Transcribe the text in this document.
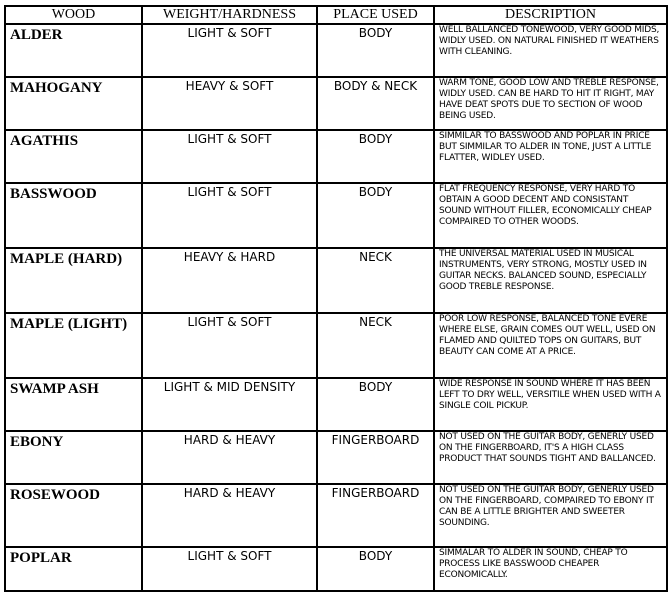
WOOD	WEIGHT/HARDNESS	PLACE USED	DESCRIPTION
ALDER	LIGHT & SOFT	BODY	WELL BALLANCED TONEWOOD, VERY GOOD MIDS, WIDLY USED. ON NATURAL FINISHED IT WEATHERS WITH CLEANING.
MAHOGANY	HEAVY & SOFT	BODY & NECK	WARM TONE, GOOD LOW AND TREBLE RESPONSE, WIDLY USED. CAN BE HARD TO HIT IT RIGHT, MAY HAVE DEAT SPOTS DUE TO SECTION OF WOOD BEING USED.
AGATHIS	LIGHT & SOFT	BODY	SIMMILAR TO BASSWOOD AND POPLAR IN PRICE BUT SIMMILAR TO ALDER IN TONE, JUST A LITTLE FLATTER, WIDLEY USED.
BASSWOOD	LIGHT & SOFT	BODY	FLAT FREQUENCY RESPONSE, VERY HARD TO OBTAIN A GOOD DECENT AND CONSISTANT SOUND WITHOUT FILLER, ECONOMICALLY CHEAP COMPAIRED TO OTHER WOODS.
MAPLE (HARD)	HEAVY & HARD	NECK	THE UNIVERSAL MATERIAL USED IN MUSICAL INSTRUMENTS, VERY STRONG, MOSTLY USED IN GUITAR NECKS. BALANCED SOUND, ESPECIALLY GOOD TREBLE RESPONSE.
MAPLE (LIGHT)	LIGHT & SOFT	NECK	POOR LOW RESPONSE, BALANCED TONE EVERE WHERE ELSE, GRAIN COMES OUT WELL, USED ON FLAMED AND QUILTED TOPS ON GUITARS, BUT BEAUTY CAN COME AT A PRICE.
SWAMP ASH	LIGHT & MID DENSITY	BODY	WIDE RESPONSE IN SOUND WHERE IT HAS BEEN LEFT TO DRY WELL, VERSITILE WHEN USED WITH A SINGLE COIL PICKUP.
EBONY	HARD & HEAVY	FINGERBOARD	NOT USED ON THE GUITAR BODY, GENERLY USED ON THE FINGERBOARD, IT'S A HIGH CLASS PRODUCT THAT SOUNDS TIGHT AND BALLANCED.
ROSEWOOD	HARD & HEAVY	FINGERBOARD	NOT USED ON THE GUITAR BODY, GENERLY USED ON THE FINGERBOARD, COMPAIRED TO EBONY IT CAN BE A LITTLE BRIGHTER AND SWEETER SOUNDING.
POPLAR	LIGHT & SOFT	BODY	SIMMALAR TO ALDER IN SOUND, CHEAP TO PROCESS LIKE BASSWOOD CHEAPER ECONOMICALLY.
